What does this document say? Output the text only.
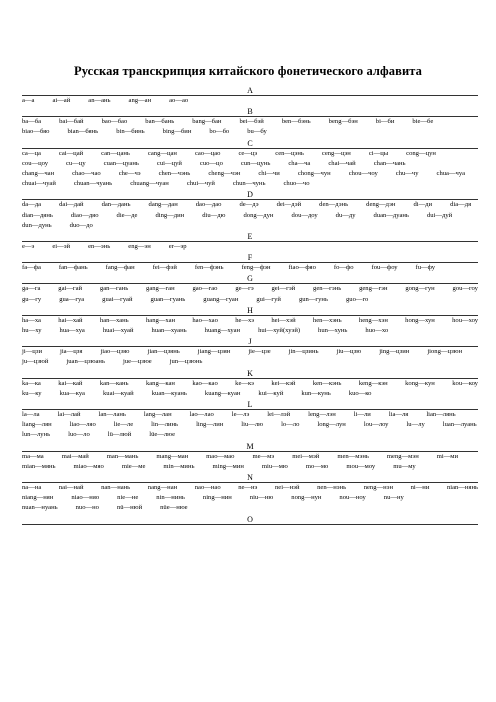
Русская транскрипция китайского фонетического алфавита
A
a—а	ai—ай	an—ань	ang—ан	ao—ао
B
ba—ба	bai—бай	bao—бао	ban—бань	bang—бан	bei—бэй	ben—бэнь	beng—бэн	bi—би	bie—бе
biao—бяо	bian—бянь	bin—бинь	bing—бин	bo—бо	bu—бу
C
ca—ца	cai—цай	can—цань	cang—цан	cao—цао	ce—цэ	cen—цэнь	ceng—цэн	ci—цы	cong—цун
cou—цоу	cu—цу	cuan—цуань	cui—цуй	cuo—цо	cun—цунь	cha—ча	chai—чай	chan—чань
chang—чан	chao—чао	che—чэ	chen—чэнь	cheng—чэн	chi—чи	chong—чун	chou—чоу	chu—чу	chua—чуа
chuai—чуай	chuan—чуань	chuang—чуан	chui—чуй	chun—чунь	chuo—чо
D
da—да	dai—дай	dan—дань	dang—дан	dao—дао	de—дэ	dei—дэй	den—дэнь	deng—дэн	di—ди	dia—дя
dian—дянь	diao—дяо	die—дe	ding—дин	diu—дю	dong—дун	dou—доу	du—ду	duan—дуань	dui—дуй
dun—дунь	duo—до
E
e—э	ei—эй	en—энь	eng—эн	er—эр
F
fa—фа	fan—фань	fang—фан	fei—фэй	fen—фэнь	feng—фэн	fiao—фяо	fo—фо	fou—фоу	fu—фу
G
ga—га	gai—гай	gan—гань	gang—ган	gao—гао	ge—гэ	gei—гэй	gen—гэнь	geng—гэн	gong—гун	gou—гоу
gu—гу	gua—гуа	guai—гуай	guan—гуань	guang—гуан	gui—гуй	gun—гунь	guo—го
H
ha—ха	hai—хай	han—хань	hang—хан	hao—хао	he—хэ	hei—хэй	hen—хэнь	heng—хэн	hong—хун	hou—хоу
hu—ху	hua—хуа	huai—хуай	huan—хуань	huang—хуан	hui—хуй(хуэй)	hun—хунь	huo—хо
J
ji—цзи	jia—цзя	jiao—цзяо	jian—цзянь	jiang—цзян	jie—цзе	jin—цзинь	jiu—цзю	jing—цзин	jiong—цзюн
ju—цзюй	juan—цзюань	jue—цзюе	jun—цзюнь
K
ka—ка	kai—кай	kan—кань	kang—кан	kao—као	ke—кэ	kei—кэй	ken—кэнь	keng—кэн	kong—кун	kou—коу
ku—ку	kua—куа	kuai—куай	kuan—куань	kuang—куан	kui—куй	kun—кунь	kuo—ко
L
la—ла	lai—лай	lan—лань	lang—лан	lao—лао	le—лэ	lei—лэй	leng—лэн	li—ли	lia—ля	lian—лянь
liang—лян	liao—ляо	lie—ле	lin—линь	ling—лин	liu—лю	lo—ло	long—лун	lou—лоу	lu—лу	luan—луань
lun—лунь	luo—ло	lü—люй	lüe—люе
M
ma—ма	mai—май	man—мань	mang—ман	mao—мао	me—мэ	mei—мэй	men—мэнь	meng—мэн	mi—ми
mian—мянь	miao—мяо	mie—ме	min—минь	ming—мин	miu—мю	mo—мо	mou—моу	mu—му
N
na—на	nai—най	nan—нань	nang—нан	nao—нао	ne—нэ	nei—нэй	nen—нэнь	neng—нэн	ni—ни	nian—нянь
niang—нян	niao—няо	nie—не	nin—нинь	ning—нин	niu—ню	nong—нун	nou—ноу	nu—ну
nuan—нуань	nuo—но	nü—нюй	nüe—нюе
O
